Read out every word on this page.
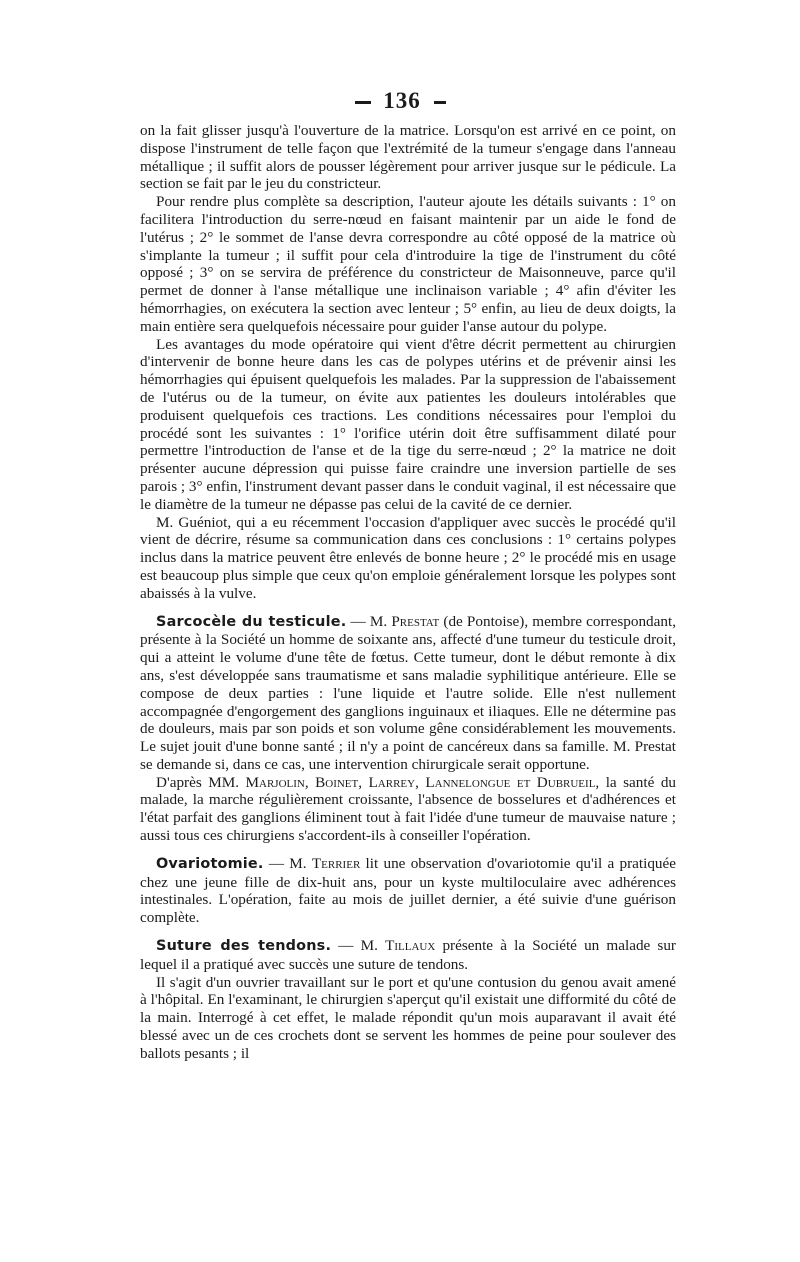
136

on la fait glisser jusqu'à l'ouverture de la matrice. Lorsqu'on est arrivé en ce point, on dispose l'instrument de telle façon que l'extrémité de la tumeur s'engage dans l'anneau métallique ; il suffit alors de pousser légèrement pour arriver jusque sur le pédicule. La section se fait par le jeu du constricteur.

Pour rendre plus complète sa description, l'auteur ajoute les détails suivants : 1° on facilitera l'introduction du serre-nœud en faisant maintenir par un aide le fond de l'utérus ; 2° le sommet de l'anse devra correspondre au côté opposé de la matrice où s'implante la tumeur ; il suffit pour cela d'introduire la tige de l'instrument du côté opposé ; 3° on se servira de préférence du constricteur de Maisonneuve, parce qu'il permet de donner à l'anse métallique une inclinaison variable ; 4° afin d'éviter les hémorrhagies, on exécutera la section avec lenteur ; 5° enfin, au lieu de deux doigts, la main entière sera quelquefois nécessaire pour guider l'anse autour du polype.

Les avantages du mode opératoire qui vient d'être décrit permettent au chirurgien d'intervenir de bonne heure dans les cas de polypes utérins et de prévenir ainsi les hémorrhagies qui épuisent quelquefois les malades. Par la suppression de l'abaissement de l'utérus ou de la tumeur, on évite aux patientes les douleurs intolérables que produisent quelquefois ces tractions. Les conditions nécessaires pour l'emploi du procédé sont les suivantes : 1° l'orifice utérin doit être suffisamment dilaté pour permettre l'introduction de l'anse et de la tige du serre-nœud ; 2° la matrice ne doit présenter aucune dépression qui puisse faire craindre une inversion partielle de ses parois ; 3° enfin, l'instrument devant passer dans le conduit vaginal, il est nécessaire que le diamètre de la tumeur ne dépasse pas celui de la cavité de ce dernier.

M. Guéniot, qui a eu récemment l'occasion d'appliquer avec succès le procédé qu'il vient de décrire, résume sa communication dans ces conclusions : 1° certains polypes inclus dans la matrice peuvent être enlevés de bonne heure ; 2° le procédé mis en usage est beaucoup plus simple que ceux qu'on emploie généralement lorsque les polypes sont abaissés à la vulve.

Sarcocèle du testicule. — M. Prestat (de Pontoise), membre correspondant, présente à la Société un homme de soixante ans, affecté d'une tumeur du testicule droit, qui a atteint le volume d'une tête de fœtus. Cette tumeur, dont le début remonte à dix ans, s'est développée sans traumatisme et sans maladie syphilitique antérieure. Elle se compose de deux parties : l'une liquide et l'autre solide. Elle n'est nullement accompagnée d'engorgement des ganglions inguinaux et iliaques. Elle ne détermine pas de douleurs, mais par son poids et son volume gêne considérablement les mouvements. Le sujet jouit d'une bonne santé ; il n'y a point de cancéreux dans sa famille. M. Prestat se demande si, dans ce cas, une intervention chirurgicale serait opportune.

D'après MM. Marjolin, Boinet, Larrey, Lannelongue et Dubrueil, la santé du malade, la marche régulièrement croissante, l'absence de bosselures et d'adhérences et l'état parfait des ganglions éliminent tout à fait l'idée d'une tumeur de mauvaise nature ; aussi tous ces chirurgiens s'accordent-ils à conseiller l'opération.

Ovariotomie. — M. Terrier lit une observation d'ovariotomie qu'il a pratiquée chez une jeune fille de dix-huit ans, pour un kyste multiloculaire avec adhérences intestinales. L'opération, faite au mois de juillet dernier, a été suivie d'une guérison complète.

Suture des tendons. — M. Tillaux présente à la Société un malade sur lequel il a pratiqué avec succès une suture de tendons.

Il s'agit d'un ouvrier travaillant sur le port et qu'une contusion du genou avait amené à l'hôpital. En l'examinant, le chirurgien s'aperçut qu'il existait une difformité du côté de la main. Interrogé à cet effet, le malade répondit qu'un mois auparavant il avait été blessé avec un de ces crochets dont se servent les hommes de peine pour soulever des ballots pesants ; il
